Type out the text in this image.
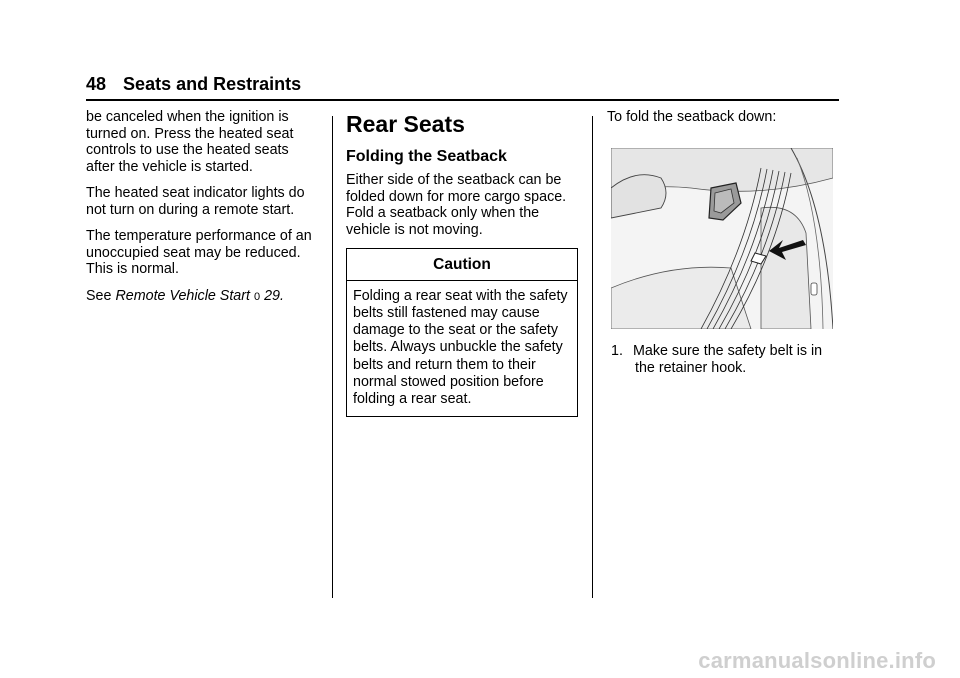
48 Seats and Restraints

be canceled when the ignition is turned on. Press the heated seat controls to use the heated seats after the vehicle is started.

The heated seat indicator lights do not turn on during a remote start.

The temperature performance of an unoccupied seat may be reduced. This is normal.

See Remote Vehicle Start 0 29.

Rear Seats
Folding the Seatback

Either side of the seatback can be folded down for more cargo space. Fold a seatback only when the vehicle is not moving.

Caution
Folding a rear seat with the safety belts still fastened may cause damage to the seat or the safety belts. Always unbuckle the safety belts and return them to their normal stowed position before folding a rear seat.

To fold the seatback down:

1. Make sure the safety belt is in
the retainer hook.
carmanualsonline.info
